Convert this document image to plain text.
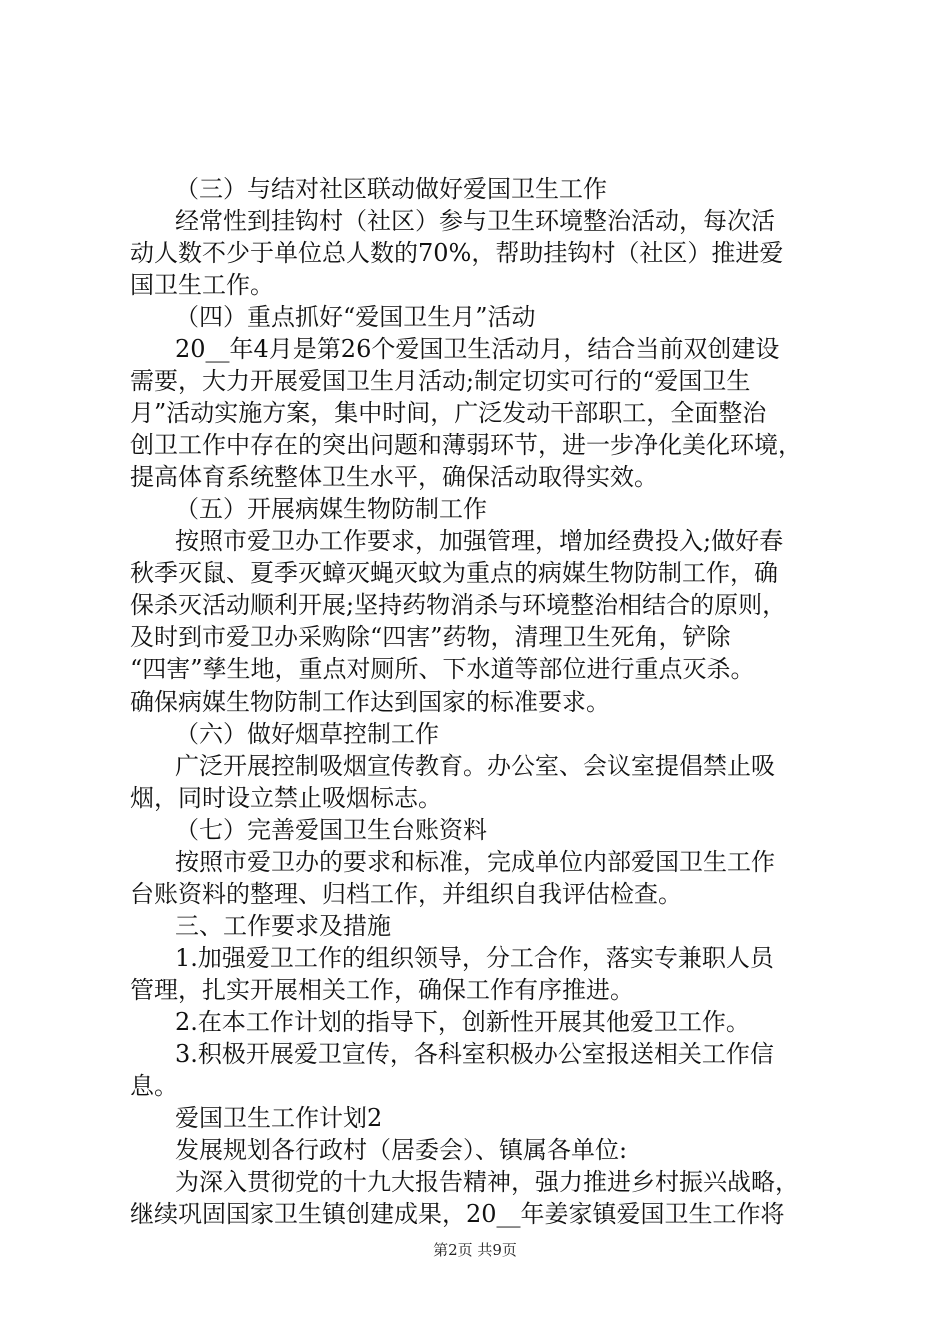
（三）与结对社区联动做好爱国卫生工作
经常性到挂钩村（社区）参与卫生环境整治活动，每次活
动人数不少于单位总人数的70%，帮助挂钩村（社区）推进爱
国卫生工作。
（四）重点抓好“爱国卫生月”活动
20__年4月是第26个爱国卫生活动月，结合当前双创建设
需要，大力开展爱国卫生月活动;制定切实可行的“爱国卫生
月”活动实施方案，集中时间，广泛发动干部职工，全面整治
创卫工作中存在的突出问题和薄弱环节，进一步净化美化环境，
提高体育系统整体卫生水平，确保活动取得实效。
（五）开展病媒生物防制工作
按照市爱卫办工作要求，加强管理，增加经费投入;做好春
秋季灭鼠、夏季灭蟑灭蝇灭蚊为重点的病媒生物防制工作，确
保杀灭活动顺利开展;坚持药物消杀与环境整治相结合的原则，
及时到市爱卫办采购除“四害”药物，清理卫生死角，铲除
“四害”孳生地，重点对厕所、下水道等部位进行重点灭杀。
确保病媒生物防制工作达到国家的标准要求。
（六）做好烟草控制工作
广泛开展控制吸烟宣传教育。办公室、会议室提倡禁止吸
烟，同时设立禁止吸烟标志。
（七）完善爱国卫生台账资料
按照市爱卫办的要求和标准，完成单位内部爱国卫生工作
台账资料的整理、归档工作，并组织自我评估检查。
三、工作要求及措施
1.加强爱卫工作的组织领导，分工合作，落实专兼职人员
管理，扎实开展相关工作，确保工作有序推进。
2.在本工作计划的指导下，创新性开展其他爱卫工作。
3.积极开展爱卫宣传，各科室积极办公室报送相关工作信
息。
爱国卫生工作计划2
发展规划各行政村（居委会）、镇属各单位:
为深入贯彻党的十九大报告精神，强力推进乡村振兴战略，
继续巩固国家卫生镇创建成果，20__年姜家镇爱国卫生工作将
第2页 共9页
